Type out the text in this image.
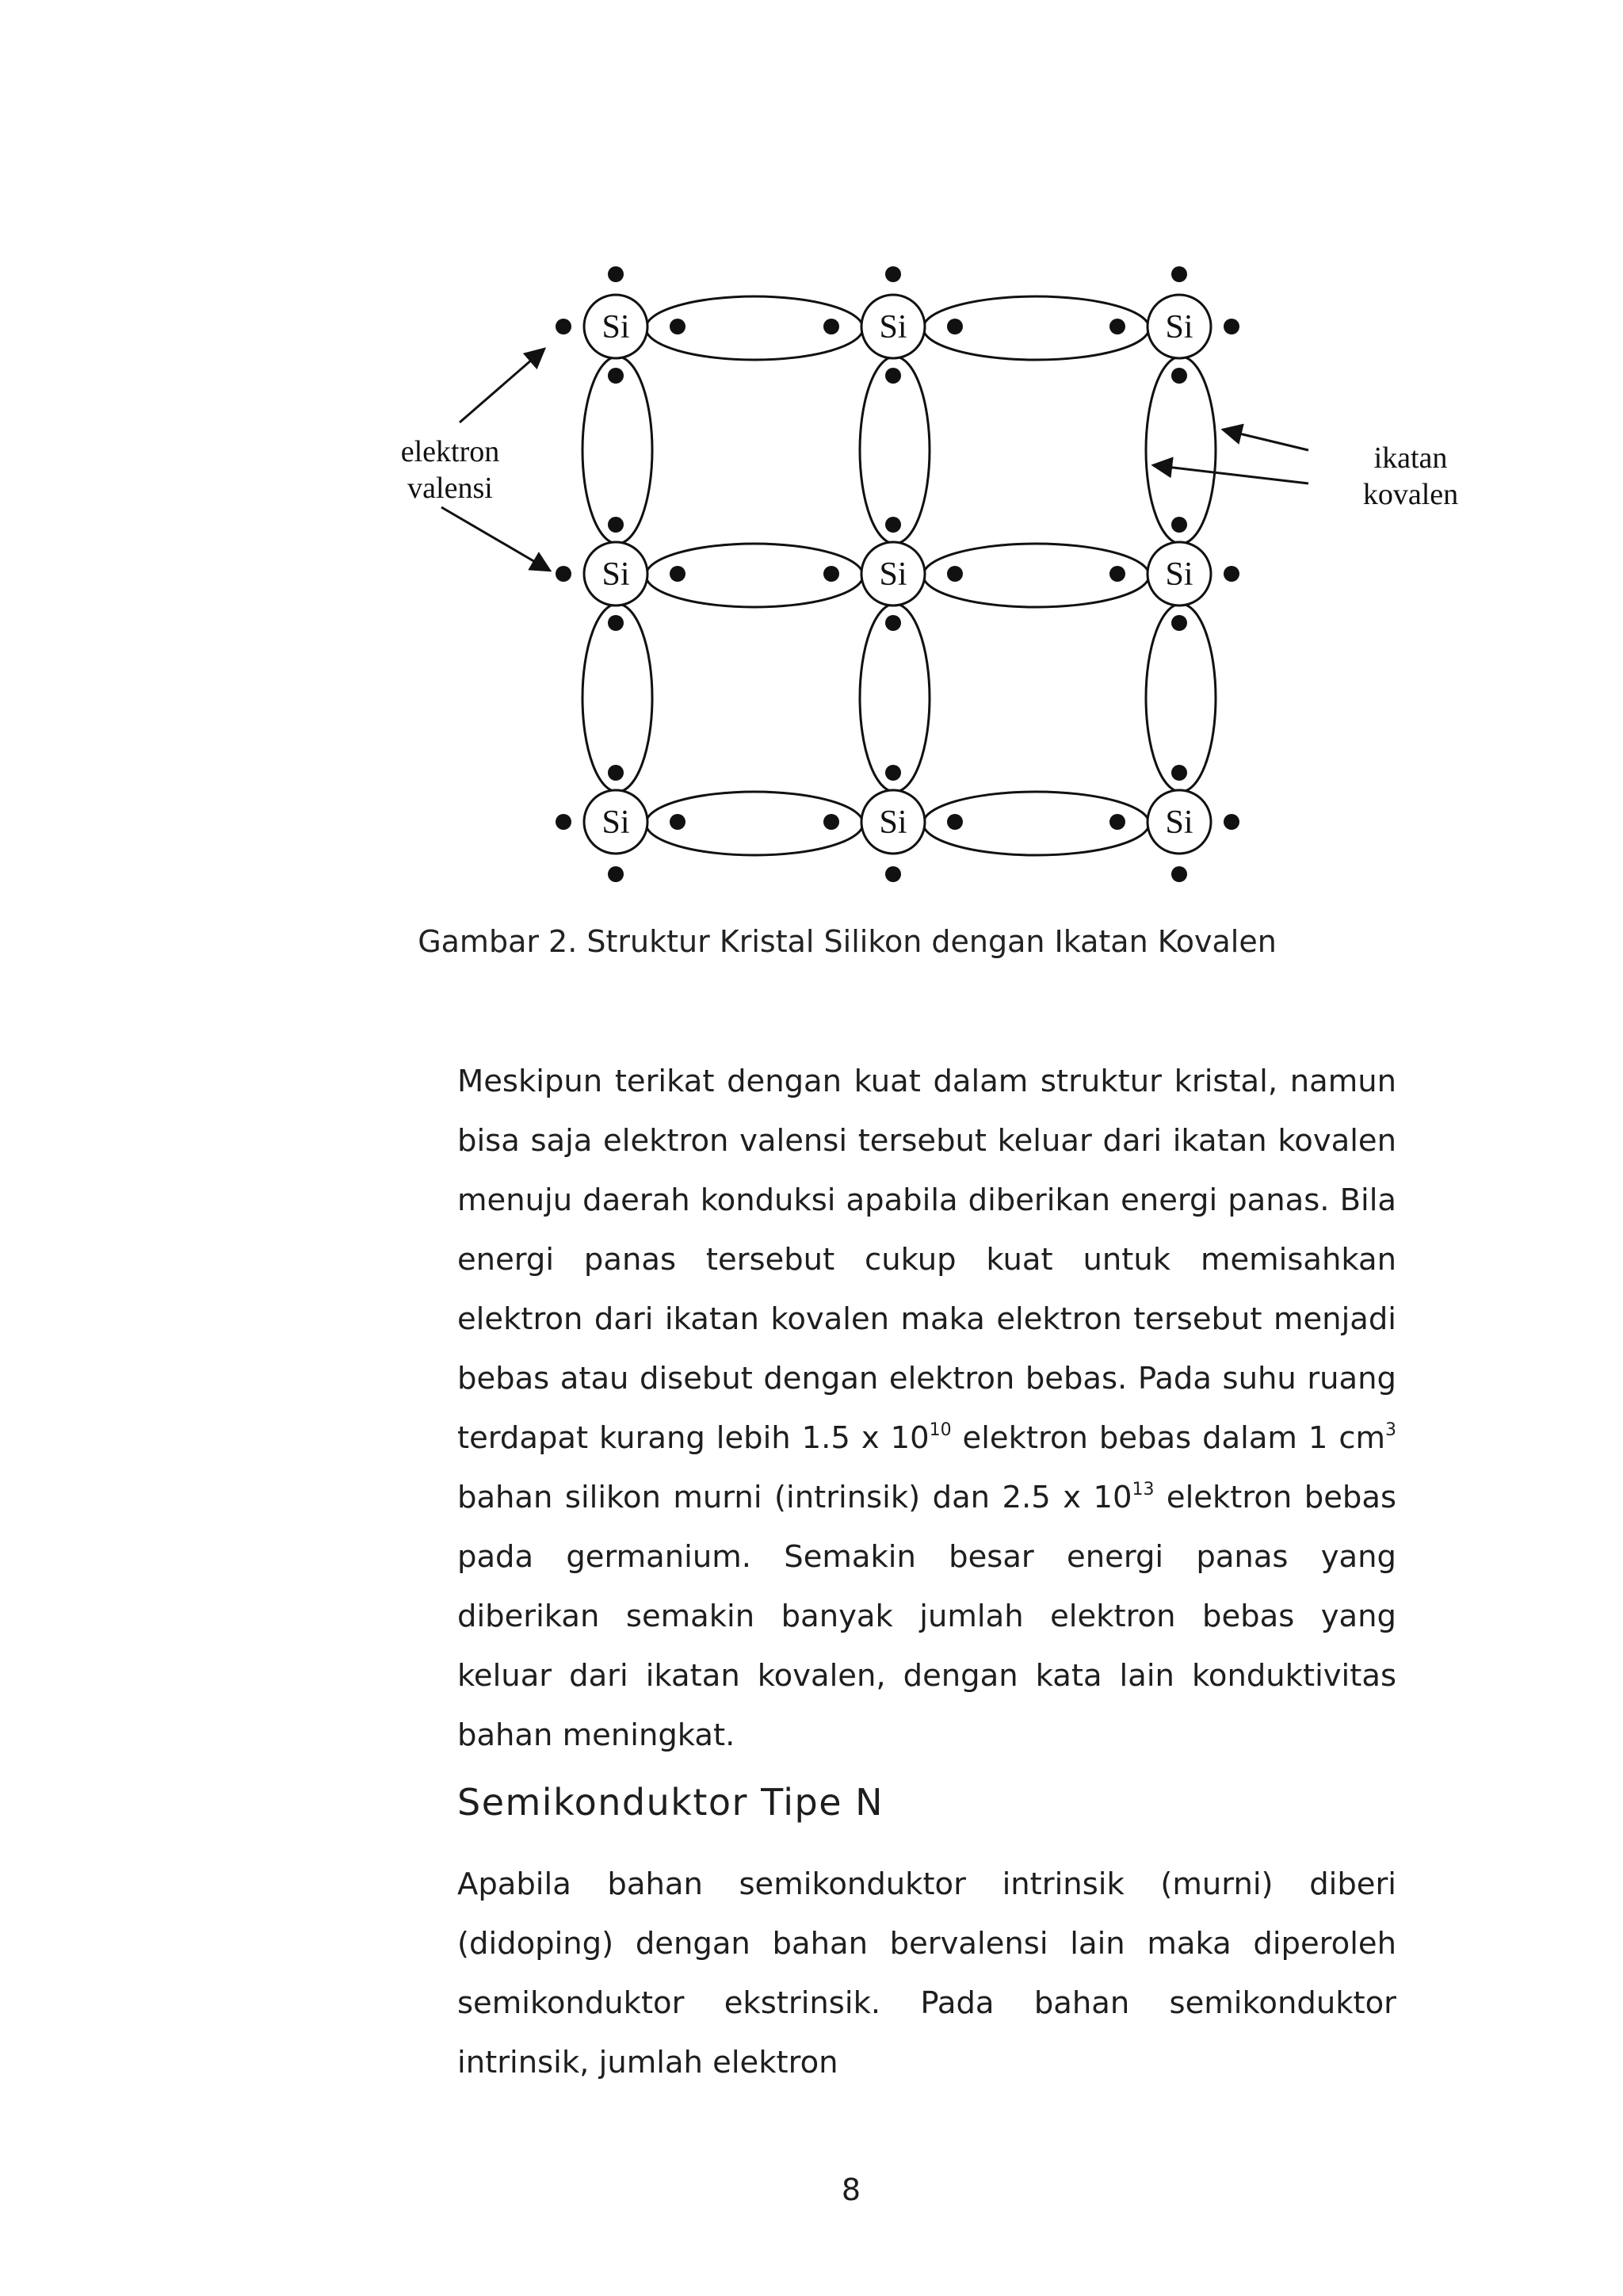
Si	Si	Si
Si	Si	Si
Si	Si	Si
elektron
valensi
ikatan
kovalen

Gambar 2. Struktur Kristal Silikon dengan Ikatan Kovalen

Meskipun terikat dengan kuat dalam struktur kristal, namun bisa saja elektron valensi tersebut keluar dari ikatan kovalen menuju daerah konduksi apabila diberikan energi panas. Bila energi panas tersebut cukup kuat untuk memisahkan elektron dari ikatan kovalen maka elektron tersebut menjadi bebas atau disebut dengan elektron bebas. Pada suhu ruang terdapat kurang lebih 1.5 x $10^{10}$ elektron bebas dalam 1 $cm^3$ bahan silikon murni (intrinsik) dan 2.5 x $10^{13}$ elektron bebas pada germanium. Semakin besar energi panas yang diberikan semakin banyak jumlah elektron bebas yang keluar dari ikatan kovalen, dengan kata lain konduktivitas bahan meningkat.

Semikonduktor Tipe N

Apabila bahan semikonduktor intrinsik (murni) diberi (didoping) dengan bahan bervalensi lain maka diperoleh semikonduktor ekstrinsik. Pada bahan semikonduktor intrinsik, jumlah elektron

8
